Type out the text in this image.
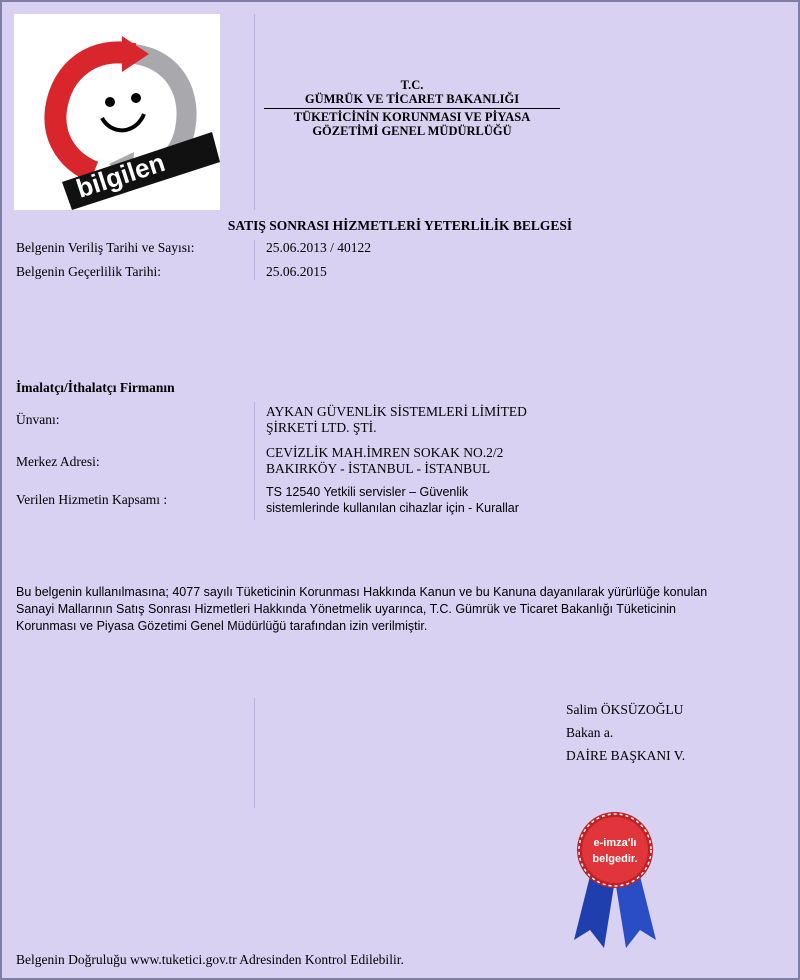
bilgilen
T.C.
GÜMRÜK VE TİCARET BAKANLIĞI
TÜKETİCİNİN KORUNMASI VE PİYASA
GÖZETİMİ GENEL MÜDÜRLÜĞÜ
SATIŞ SONRASI HİZMETLERİ YETERLİLİK BELGESİ
Belgenin Veriliş Tarihi ve Sayısı:	25.06.2013 / 40122
Belgenin Geçerlilik Tarihi:	25.06.2015
İmalatçı/İthalatçı Firmanın
Ünvanı:
AYKAN GÜVENLİK SİSTEMLERİ LİMİTED
ŞİRKETİ LTD. ŞTİ.
Merkez Adresi:
CEVİZLİK MAH.İMREN SOKAK NO.2/2
BAKIRKÖY - İSTANBUL - İSTANBUL
Verilen Hizmetin Kapsamı :	TS 12540 Yetkili servisler – Güvenlik
sistemlerinde kullanılan cihazlar için - Kurallar
Bu belgenin kullanılmasına; 4077 sayılı Tüketicinin Korunması Hakkında Kanun ve bu Kanuna dayanılarak yürürlüğe konulan
Sanayi Mallarının Satış Sonrası Hizmetleri Hakkında Yönetmelik uyarınca, T.C. Gümrük ve Ticaret Bakanlığı Tüketicinin
Korunması ve Piyasa Gözetimi Genel Müdürlüğü tarafından izin verilmiştir.
Salim ÖKSÜZOĞLU
Bakan a.
DAİRE BAŞKANI V.
e-imza'lı
belgedir.
Belgenin Doğruluğu www.tuketici.gov.tr Adresinden Kontrol Edilebilir.
